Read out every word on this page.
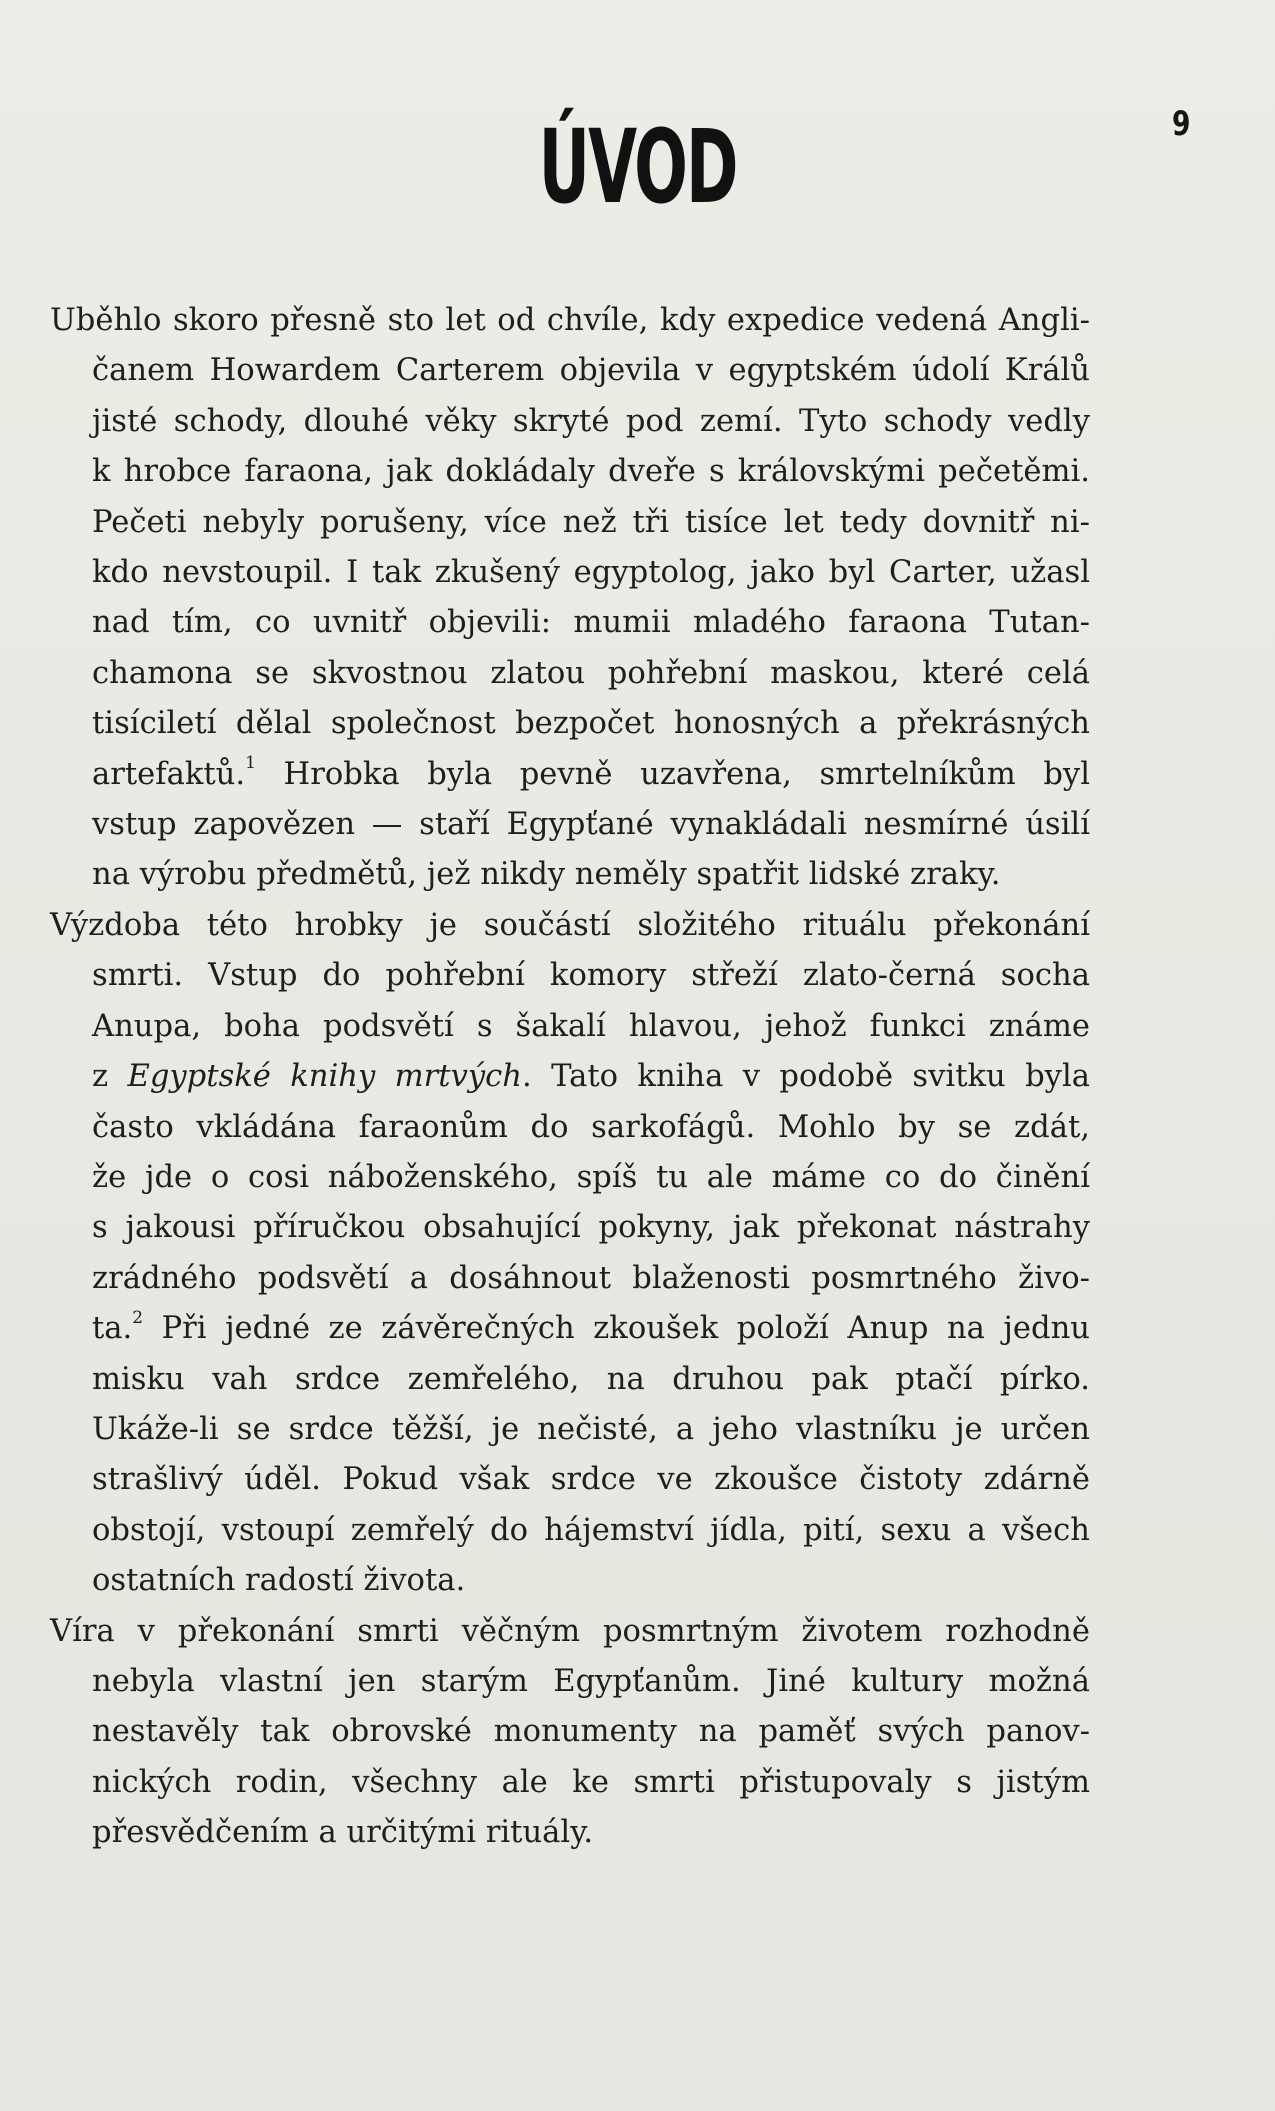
9
ÚVOD

Uběhlo skoro přesně sto let od chvíle, kdy expedice vedená Angli-
čanem Howardem Carterem objevila v egyptském údolí Králů
jisté schody, dlouhé věky skryté pod zemí. Tyto schody vedly
k hrobce faraona, jak dokládaly dveře s královskými pečetěmi.
Pečeti nebyly porušeny, více než tři tisíce let tedy dovnitř ni-
kdo nevstoupil. I tak zkušený egyptolog, jako byl Carter, užasl
nad tím, co uvnitř objevili: mumii mladého faraona Tutan-
chamona se skvostnou zlatou pohřební maskou, které celá
tisíciletí dělal společnost bezpočet honosných a překrásných
artefaktů.$^1$ Hrobka byla pevně uzavřena, smrtelníkům byl
vstup zapovězen — staří Egypťané vynakládali nesmírné úsilí
na výrobu předmětů, jež nikdy neměly spatřit lidské zraky.

Výzdoba této hrobky je součástí složitého rituálu překonání
smrti. Vstup do pohřební komory střeží zlato-černá socha
Anupa, boha podsvětí s šakalí hlavou, jehož funkci známe
z Egyptské knihy mrtvých. Tato kniha v podobě svitku byla
často vkládána faraonům do sarkofágů. Mohlo by se zdát,
že jde o cosi náboženského, spíš tu ale máme co do činění
s jakousi příručkou obsahující pokyny, jak překonat nástrahy
zrádného podsvětí a dosáhnout blaženosti posmrtného živo-
ta.$^2$ Při jedné ze závěrečných zkoušek položí Anup na jednu
misku vah srdce zemřelého, na druhou pak ptačí pírko.
Ukáže-li se srdce těžší, je nečisté, a jeho vlastníku je určen
strašlivý úděl. Pokud však srdce ve zkoušce čistoty zdárně
obstojí, vstoupí zemřelý do hájemství jídla, pití, sexu a všech
ostatních radostí života.

Víra v překonání smrti věčným posmrtným životem rozhodně
nebyla vlastní jen starým Egypťanům. Jiné kultury možná
nestavěly tak obrovské monumenty na paměť svých panov-
nických rodin, všechny ale ke smrti přistupovaly s jistým
přesvědčením a určitými rituály.
